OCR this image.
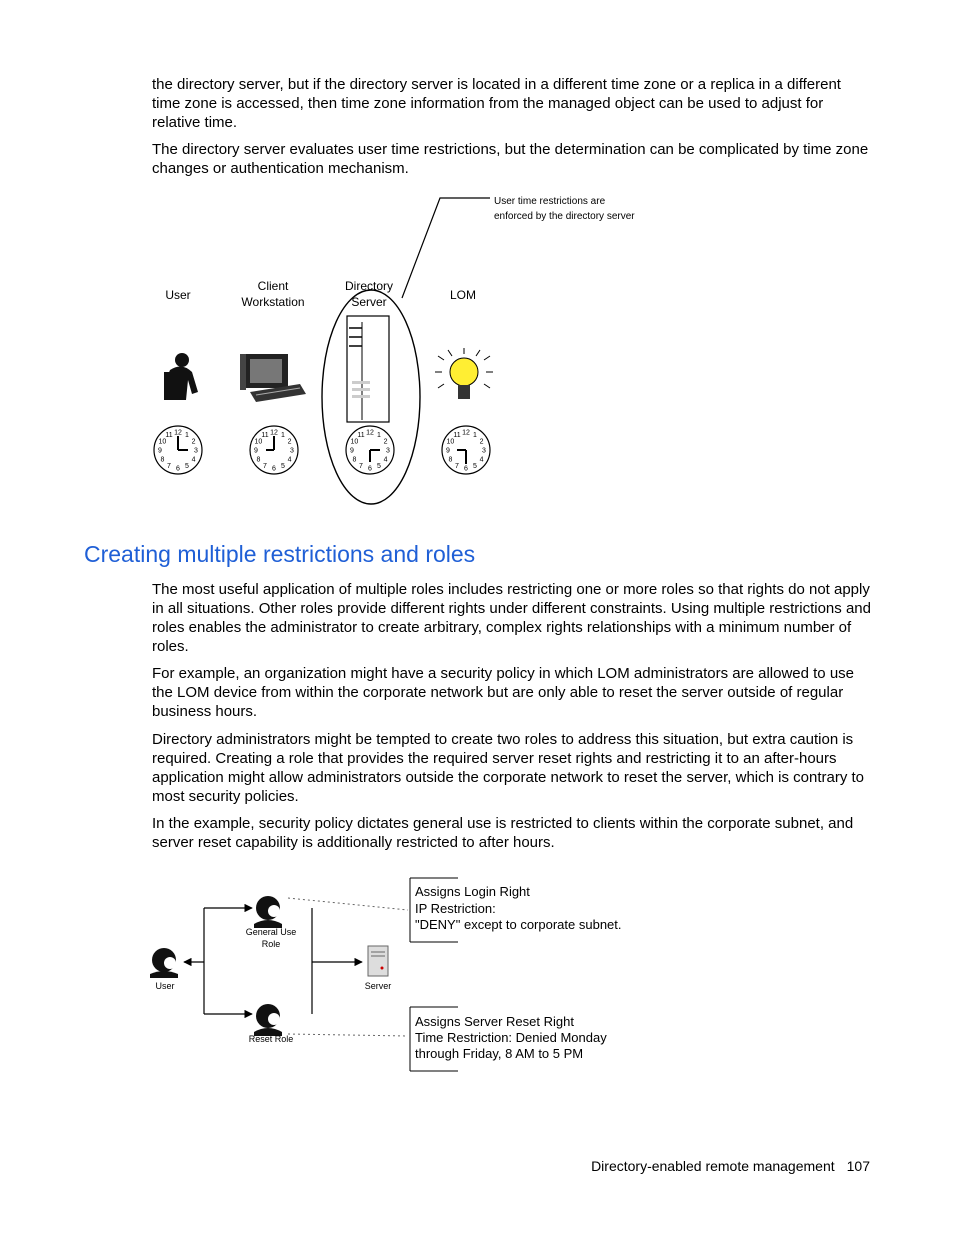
the directory server, but if the directory server is located in a different time zone or a replica in a different time zone is accessed, then time zone information from the managed object can be used to adjust for relative time.

The directory server evaluates user time restrictions, but the determination can be complicated by time zone changes or authentication mechanism.

User time restrictions are
enforced by the directory server
User
Client
Workstation
Directory
Server	LOM
12 1
2
3
4
5
6
7
8
9
10
11	12 1
2
3
4
5
6
7
8
9
10
11	12 1
2
3
4
5
6
7
8
9
10
11	12 1
2
3
4
5
6
7
8
9
10
11
Creating multiple restrictions and roles

The most useful application of multiple roles includes restricting one or more roles so that rights do not apply in all situations. Other roles provide different rights under different constraints. Using multiple restrictions and roles enables the administrator to create arbitrary, complex rights relationships with a minimum number of roles.

For example, an organization might have a security policy in which LOM administrators are allowed to use the LOM device from within the corporate network but are only able to reset the server outside of regular business hours.

Directory administrators might be tempted to create two roles to address this situation, but extra caution is required. Creating a role that provides the required server reset rights and restricting it to an after-hours application might allow administrators outside the corporate network to reset the server, which is contrary to most security policies.

In the example, security policy dictates general use is restricted to clients within the corporate subnet, and server reset capability is additionally restricted to after hours.

General Use
Role
Reset Role
User	Server
Assigns Login Right
IP Restriction:
"DENY" except to corporate subnet.
Assigns Server Reset Right
Time Restriction: Denied Monday
through Friday, 8 AM to 5 PM
Directory-enabled remote management 107
